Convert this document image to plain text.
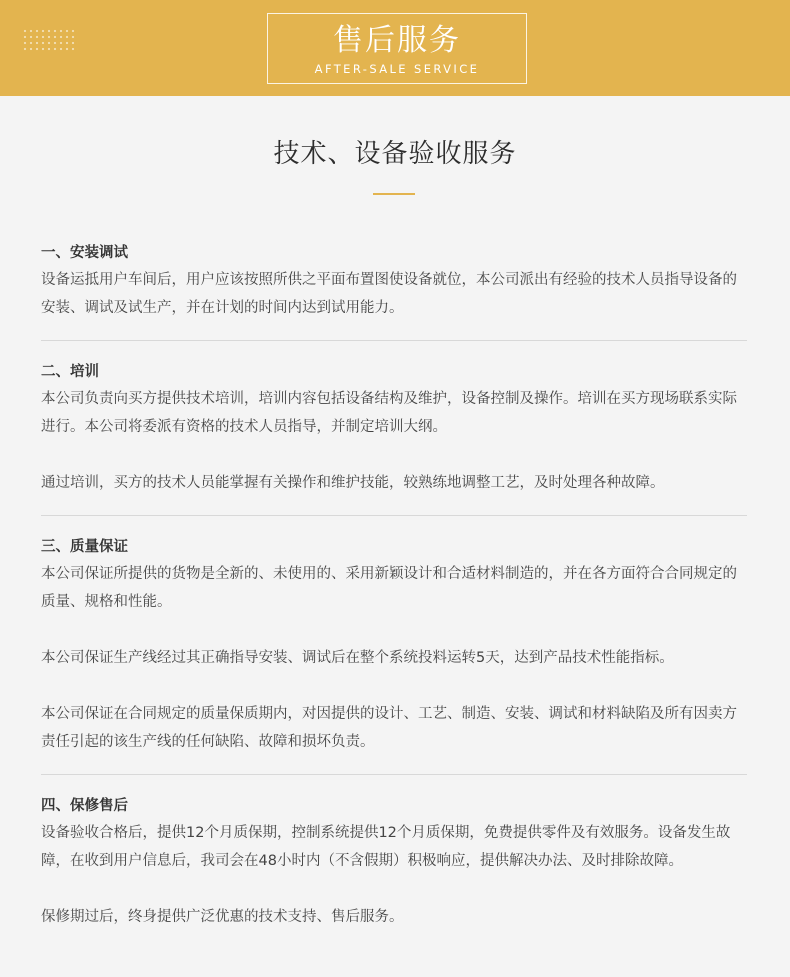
售后服务
AFTER-SALE SERVICE
技术、设备验收服务
一、安装调试

设备运抵用户车间后，用户应该按照所供之平面布置图使设备就位，本公司派出有经验的技术人员指导设备的安装、调试及试生产，并在计划的时间内达到试用能力。

二、培训

本公司负责向买方提供技术培训，培训内容包括设备结构及维护，设备控制及操作。培训在买方现场联系实际进行。本公司将委派有资格的技术人员指导，并制定培训大纲。

通过培训，买方的技术人员能掌握有关操作和维护技能，较熟练地调整工艺，及时处理各种故障。

三、质量保证

本公司保证所提供的货物是全新的、未使用的、采用新颖设计和合适材料制造的，并在各方面符合合同规定的质量、规格和性能。

本公司保证生产线经过其正确指导安装、调试后在整个系统投料运转5天，达到产品技术性能指标。

本公司保证在合同规定的质量保质期内，对因提供的设计、工艺、制造、安装、调试和材料缺陷及所有因卖方责任引起的该生产线的任何缺陷、故障和损坏负责。

四、保修售后

设备验收合格后，提供12个月质保期，控制系统提供12个月质保期，免费提供零件及有效服务。设备发生故障，在收到用户信息后，我司会在48小时内（不含假期）积极响应，提供解决办法、及时排除故障。

保修期过后，终身提供广泛优惠的技术支持、售后服务。
